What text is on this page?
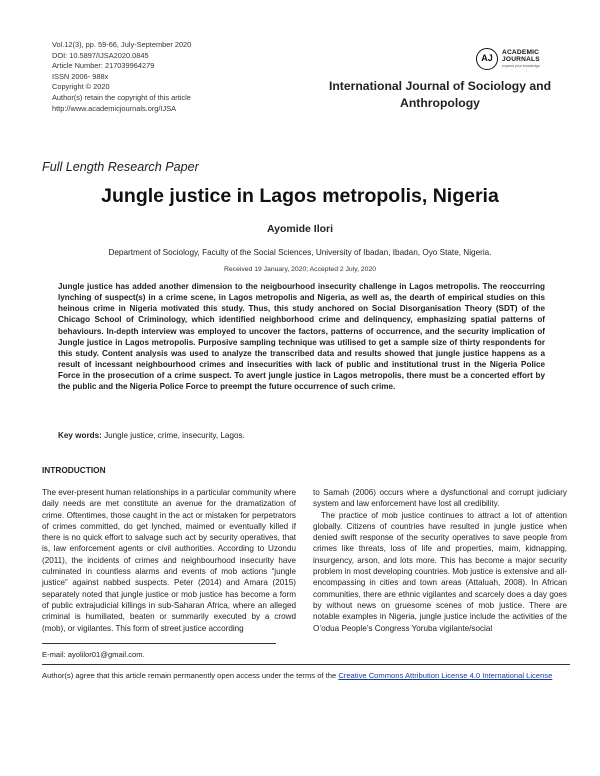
Vol.12(3), pp. 59-66, July-September 2020
DOI: 10.5897/IJSA2020.0845
Article Number: 217039964279
ISSN 2006- 988x
Copyright © 2020
Author(s) retain the copyright of this article
http://www.academicjournals.org/IJSA
AJ
ACADEMIC
JOURNALS
expand your knowledge
International Journal of Sociology and Anthropology
Full Length Research Paper
Jungle justice in Lagos metropolis, Nigeria
Ayomide Ilori
Department of Sociology, Faculty of the Social Sciences, University of Ibadan, Ibadan, Oyo State, Nigeria.
Received 19 January, 2020; Accepted 2 July, 2020
Jungle justice has added another dimension to the neigbourhood insecurity challenge in Lagos metropolis. The reoccurring lynching of suspect(s) in a crime scene, in Lagos metropolis and Nigeria, as well as, the dearth of empirical studies on this heinous crime in Nigeria motivated this study. Thus, this study anchored on Social Disorganisation Theory (SDT) of the Chicago School of Criminology, which identified neighborhood crime and delinquency, emphasizing spatial patterns of behaviours. In-depth interview was employed to uncover the factors, patterns of occurrence, and the security implication of Jungle justice in Lagos metropolis. Purposive sampling technique was utilised to get a sample size of thirty respondents for this study. Content analysis was used to analyze the transcribed data and results showed that jungle justice happens as a result of incessant neighbourhood crimes and insecurities with lack of public and institutional trust in the Nigeria Police Force in the prosecution of a crime suspect. To avert jungle justice in Lagos metropolis, there must be a concerted effort by the public and the Nigeria Police Force to preempt the future occurrence of such crime.
Key words: Jungle justice, crime, insecurity, Lagos.
INTRODUCTION

The ever-present human relationships in a particular community where daily needs are met constitute an avenue for the dramatization of crime. Oftentimes, those caught in the act or mistaken for perpetrators of crimes committed, do get lynched, maimed or eventually killed if there is no quick effort to salvage such act by security operatives, that is, law enforcement agents or civil authorities. According to Uzondu (2011), the incidents of crimes and neighbourhood insecurity have culminated in countless alarms and events of mob actions “jungle justice” against nabbed suspects. Peter (2014) and Amara (2015) separately noted that jungle justice or mob justice has become a form of public extrajudicial killings in sub-Saharan Africa, where an alleged criminal is humiliated, beaten or summarily executed by a crowd (mob), or vigilantes. This form of street justice according

to Samah (2006) occurs where a dysfunctional and corrupt judiciary system and law enforcement have lost all credibility.

The practice of mob justice continues to attract a lot of attention globally. Citizens of countries have resulted in jungle justice when denied swift response of the security operatives to save people from crimes like threats, loss of life and properties, maim, kidnapping, insurgency, arson, and lots more. This has become a major security problem in most developing countries. Mob justice is extensive and all-encompassing in cities and town areas (Attaluah, 2008). In African communities, there are ethnic vigilantes and scarcely does a day goes by without news on gruesome scenes of mob justice. There are notable examples in Nigeria, jungle justice include the activities of the O’odua People’s Congress Yoruba vigilante/social

E-mail: ayolilor01@gmail.com.
Author(s) agree that this article remain permanently open access under the terms of the Creative Commons Attribution License 4.0 International License
